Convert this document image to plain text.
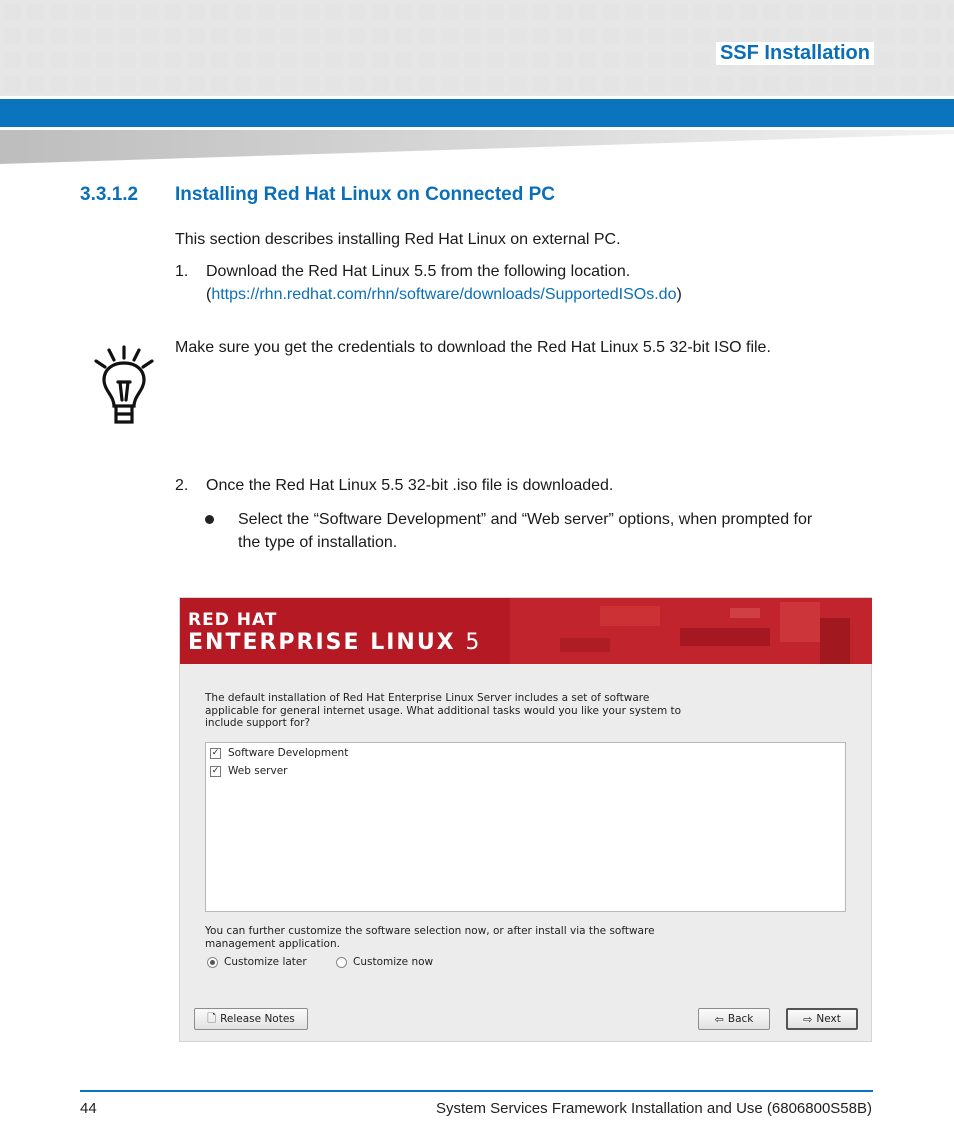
SSF Installation
3.3.1.2 Installing Red Hat Linux on Connected PC
This section describes installing Red Hat Linux on external PC.
1. Download the Red Hat Linux 5.5 from the following location.
(https://rhn.redhat.com/rhn/software/downloads/SupportedISOs.do)
Make sure you get the credentials to download the Red Hat Linux 5.5 32-bit ISO file.
2. Once the Red Hat Linux 5.5 32-bit .iso file is downloaded.
Select the “Software Development” and “Web server” options, when prompted for
the type of installation.
RED HAT
ENTERPRISE LINUX 5
The default installation of Red Hat Enterprise Linux Server includes a set of software
applicable for general internet usage. What additional tasks would you like your system to
include support for?
✓ Software Development
✓ Web server
You can further customize the software selection now, or after install via the software
management application.
Customize later	Customize now
🗋 Release Notes	⇦ Back	⇨ Next
44	System Services Framework Installation and Use (6806800S58B)
